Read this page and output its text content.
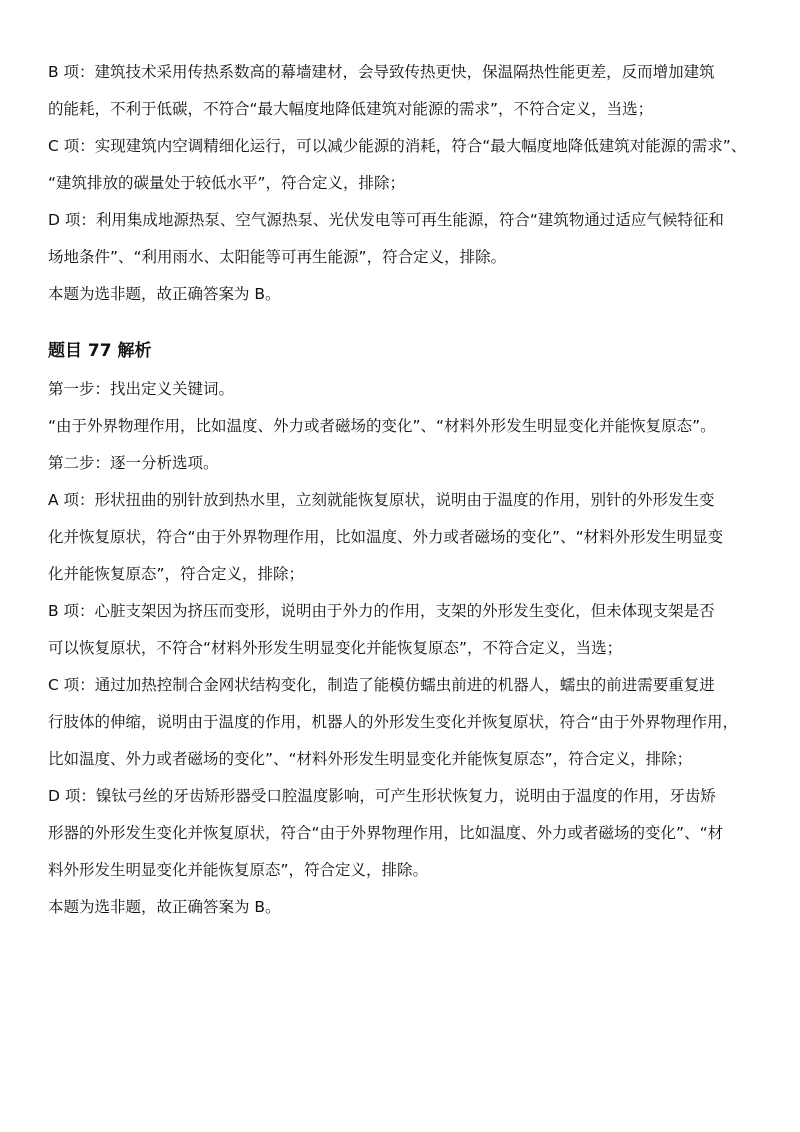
B 项：建筑技术采用传热系数高的幕墙建材，会导致传热更快，保温隔热性能更差，反而增加建筑

的能耗，不利于低碳，不符合“最大幅度地降低建筑对能源的需求”，不符合定义，当选；

C 项：实现建筑内空调精细化运行，可以减少能源的消耗，符合“最大幅度地降低建筑对能源的需求”、

“建筑排放的碳量处于较低水平”，符合定义，排除；

D 项：利用集成地源热泵、空气源热泵、光伏发电等可再生能源，符合“建筑物通过适应气候特征和

场地条件”、“利用雨水、太阳能等可再生能源”，符合定义，排除。

本题为选非题，故正确答案为 B。

题目 77 解析

第一步：找出定义关键词。

“由于外界物理作用，比如温度、外力或者磁场的变化”、“材料外形发生明显变化并能恢复原态”。

第二步：逐一分析选项。

A 项：形状扭曲的别针放到热水里，立刻就能恢复原状，说明由于温度的作用，别针的外形发生变

化并恢复原状，符合“由于外界物理作用，比如温度、外力或者磁场的变化”、“材料外形发生明显变

化并能恢复原态”，符合定义，排除；

B 项：心脏支架因为挤压而变形，说明由于外力的作用，支架的外形发生变化，但未体现支架是否

可以恢复原状，不符合“材料外形发生明显变化并能恢复原态”，不符合定义，当选；

C 项：通过加热控制合金网状结构变化，制造了能模仿蠕虫前进的机器人，蠕虫的前进需要重复进

行肢体的伸缩，说明由于温度的作用，机器人的外形发生变化并恢复原状，符合“由于外界物理作用，

比如温度、外力或者磁场的变化”、“材料外形发生明显变化并能恢复原态”，符合定义，排除；

D 项：镍钛弓丝的牙齿矫形器受口腔温度影响，可产生形状恢复力，说明由于温度的作用，牙齿矫

形器的外形发生变化并恢复原状，符合“由于外界物理作用，比如温度、外力或者磁场的变化”、“材

料外形发生明显变化并能恢复原态”，符合定义，排除。

本题为选非题，故正确答案为 B。
